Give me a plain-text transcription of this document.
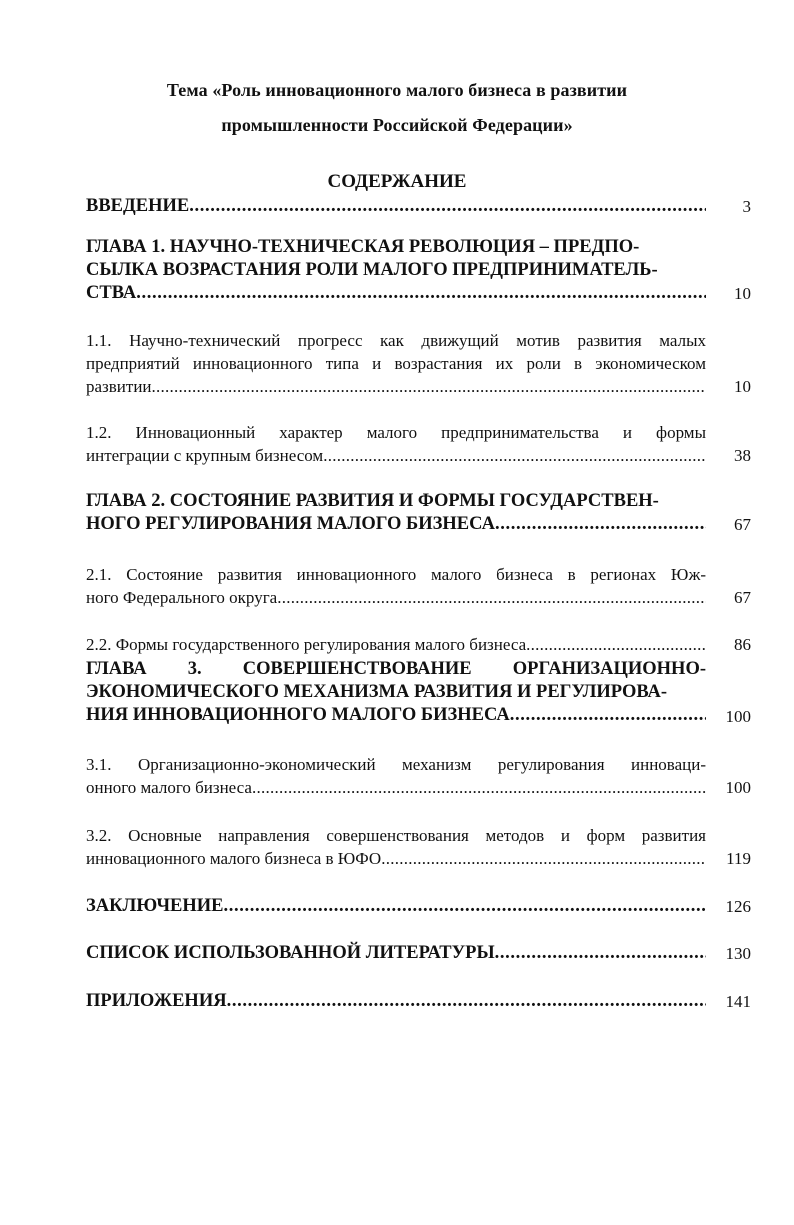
Тема «Роль инновационного малого бизнеса в развитии
промышленности Российской Федерации»
СОДЕРЖАНИЕ
ВВЕДЕНИЕ . . .	3
ГЛАВА 1. НАУЧНО-ТЕХНИЧЕСКАЯ РЕВОЛЮЦИЯ – ПРЕДПО-
СЫЛКА ВОЗРАСТАНИЯ РОЛИ МАЛОГО ПРЕДПРИНИМАТЕЛЬ-
СТВА . . .	10
1.1. Научно-технический прогресс как движущий мотив развития малых
предприятий инновационного типа и возрастания их роли в экономическом
развитии . . .	10
1.2. Инновационный характер малого предпринимательства и формы
интеграции с крупным бизнесом . . .	38
ГЛАВА 2. СОСТОЯНИЕ РАЗВИТИЯ И ФОРМЫ ГОСУДАРСТВЕН-
НОГО РЕГУЛИРОВАНИЯ МАЛОГО БИЗНЕСА . . .	67
2.1. Состояние развития инновационного малого бизнеса в регионах Юж-
ного Федерального округа . . .	67
2.2. Формы государственного регулирования малого бизнеса . . .	86
ГЛАВА 3. СОВЕРШЕНСТВОВАНИЕ ОРГАНИЗАЦИОННО-
ЭКОНОМИЧЕСКОГО МЕХАНИЗМА РАЗВИТИЯ И РЕГУЛИРОВА-
НИЯ ИННОВАЦИОННОГО МАЛОГО БИЗНЕСА . . .	100
3.1. Организационно-экономический механизм регулирования инноваци-
онного малого бизнеса . . .	100
3.2. Основные направления совершенствования методов и форм развития
инновационного малого бизнеса в ЮФО . . .	119
ЗАКЛЮЧЕНИЕ . . .	126
СПИСОК ИСПОЛЬЗОВАННОЙ ЛИТЕРАТУРЫ . . .	130
ПРИЛОЖЕНИЯ . . .	141
